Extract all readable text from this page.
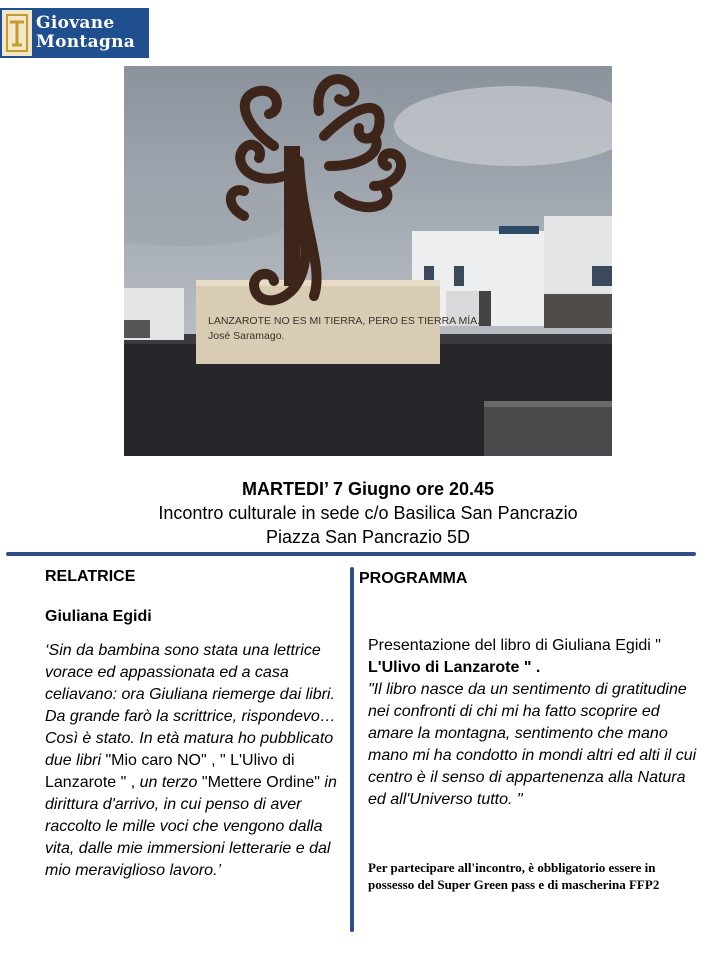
Giovane
Montagna
LANZAROTE NO ES MI TIERRA, PERO ES TIERRA MÍA.
José Saramago.
MARTEDI’ 7 Giugno ore 20.45
Incontro culturale in sede c/o Basilica San Pancrazio
Piazza San Pancrazio 5D
RELATRICE
Giuliana Egidi
‘Sin da bambina sono stata una lettrice vorace ed appassionata ed a casa celiavano: ora Giuliana riemerge dai libri. Da grande farò la scrittrice, rispondevo…Così è stato. In età matura ho pubblicato due libri "Mio caro NO" , " L'Ulivo di Lanzarote " , un terzo "Mettere Ordine" in dirittura d'arrivo, in cui penso di aver raccolto le mille voci che vengono dalla vita, dalle mie immersioni letterarie e dal mio meraviglioso lavoro.’
PROGRAMMA
Presentazione del libro di Giuliana Egidi " L'Ulivo di Lanzarote " .
"Il libro nasce da un sentimento di gratitudine nei confronti di chi mi ha fatto scoprire ed amare la montagna, sentimento che mano mano mi ha condotto in mondi altri ed alti il cui centro è il senso di appartenenza alla Natura ed all'Universo tutto. "
Per partecipare all'incontro, è obbligatorio essere in possesso del Super Green pass e di mascherina FFP2
